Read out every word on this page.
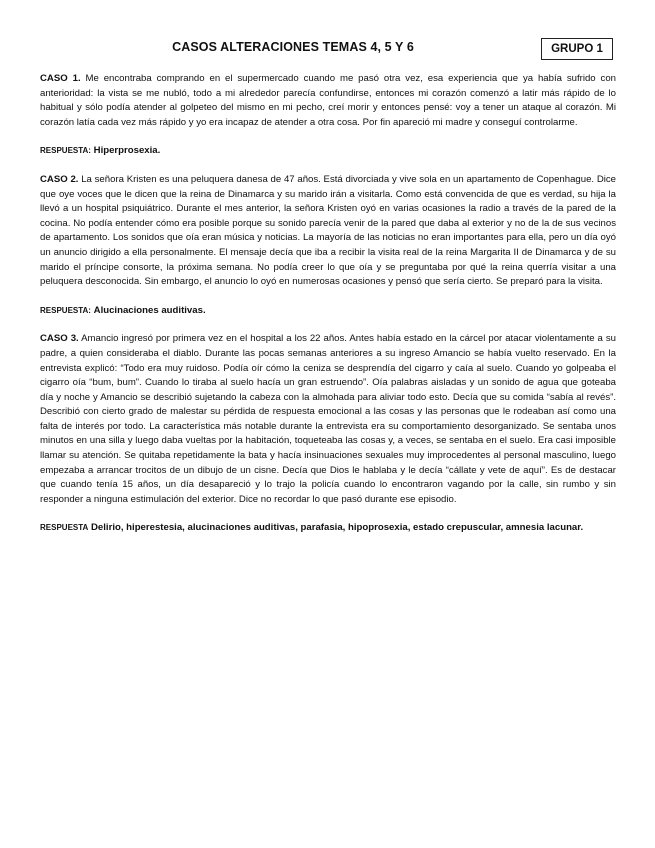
CASOS ALTERACIONES TEMAS 4, 5 Y 6	GRUPO 1

CASO 1. Me encontraba comprando en el supermercado cuando me pasó otra vez, esa experiencia que ya había sufrido con anterioridad: la vista se me nubló, todo a mi alrededor parecía confundirse, entonces mi corazón comenzó a latir más rápido de lo habitual y sólo podía atender al golpeteo del mismo en mi pecho, creí morir y entonces pensé: voy a tener un ataque al corazón. Mi corazón latía cada vez más rápido y yo era incapaz de atender a otra cosa. Por fin apareció mi madre y conseguí controlarme.

RESPUESTA: Hiperprosexia.

CASO 2. La señora Kristen es una peluquera danesa de 47 años. Está divorciada y vive sola en un apartamento de Copenhague. Dice que oye voces que le dicen que la reina de Dinamarca y su marido irán a visitarla. Como está convencida de que es verdad, su hija la llevó a un hospital psiquiátrico. Durante el mes anterior, la señora Kristen oyó en varias ocasiones la radio a través de la pared de la cocina. No podía entender cómo era posible porque su sonido parecía venir de la pared que daba al exterior y no de la de sus vecinos de apartamento. Los sonidos que oía eran música y noticias. La mayoría de las noticias no eran importantes para ella, pero un día oyó un anuncio dirigido a ella personalmente. El mensaje decía que iba a recibir la visita real de la reina Margarita II de Dinamarca y de su marido el príncipe consorte, la próxima semana. No podía creer lo que oía y se preguntaba por qué la reina querría visitar a una peluquera desconocida. Sin embargo, el anuncio lo oyó en numerosas ocasiones y pensó que sería cierto. Se preparó para la visita.

RESPUESTA: Alucinaciones auditivas.

CASO 3. Amancio ingresó por primera vez en el hospital a los 22 años. Antes había estado en la cárcel por atacar violentamente a su padre, a quien consideraba el diablo. Durante las pocas semanas anteriores a su ingreso Amancio se había vuelto reservado. En la entrevista explicó: “Todo era muy ruidoso. Podía oír cómo la ceniza se desprendía del cigarro y caía al suelo. Cuando yo golpeaba el cigarro oía “bum, bum”. Cuando lo tiraba al suelo hacía un gran estruendo”. Oía palabras aisladas y un sonido de agua que goteaba día y noche y Amancio se describió sujetando la cabeza con la almohada para aliviar todo esto. Decía que su comida “sabía al revés”. Describió con cierto grado de malestar su pérdida de respuesta emocional a las cosas y las personas que le rodeaban así como una falta de interés por todo. La característica más notable durante la entrevista era su comportamiento desorganizado. Se sentaba unos minutos en una silla y luego daba vueltas por la habitación, toqueteaba las cosas y, a veces, se sentaba en el suelo. Era casi imposible llamar su atención. Se quitaba repetidamente la bata y hacía insinuaciones sexuales muy improcedentes al personal masculino, luego empezaba a arrancar trocitos de un dibujo de un cisne. Decía que Dios le hablaba y le decía “cállate y vete de aquí”. Es de destacar que cuando tenía 15 años, un día desapareció y lo trajo la policía cuando lo encontraron vagando por la calle, sin rumbo y sin responder a ninguna estimulación del exterior. Dice no recordar lo que pasó durante ese episodio.

RESPUESTA Delirio, hiperestesia, alucinaciones auditivas, parafasia, hipoprosexia, estado crepuscular, amnesia lacunar.
